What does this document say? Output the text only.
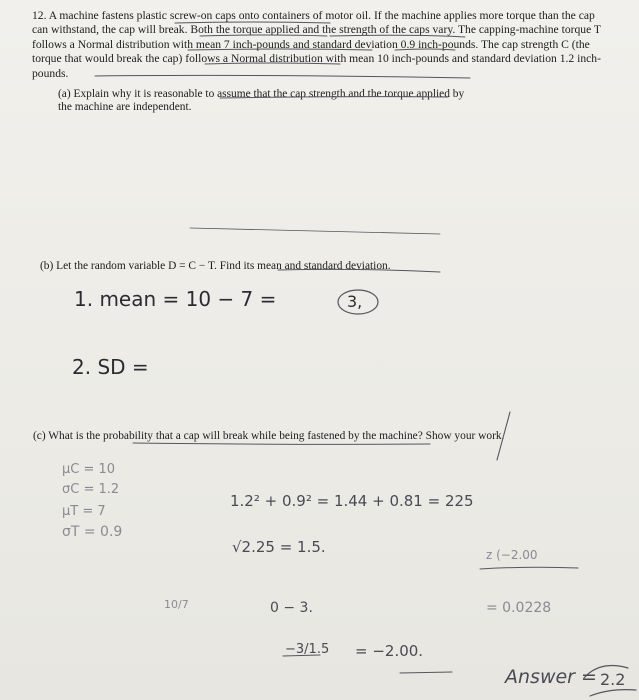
12. A machine fastens plastic screw-on caps onto containers of motor oil. If the machine applies more torque than the cap can withstand, the cap will break. Both the torque applied and the strength of the caps vary. The capping-machine torque T follows a Normal distribution with mean 7 inch-pounds and standard deviation 0.9 inch-pounds. The cap strength C (the torque that would break the cap) follows a Normal distribution with mean 10 inch-pounds and standard deviation 1.2 inch-pounds.
(a) Explain why it is reasonable to assume that the cap strength and the torque applied by the machine are independent.
(b) Let the random variable D = C − T. Find its mean and standard deviation.
(c) What is the probability that a cap will break while being fastened by the machine? Show your work.
1. mean = 10 − 7 =	3,
2. SD =
μC = 10
σC = 1.2
μT = 7
σT = 0.9
1.2² + 0.9² = 1.44 + 0.81 = 225
√2.25 = 1.5.	z (−2.00
10/7	0 − 3.	= 0.0228
−3/1.5 = −2.00.
Answer = 2.2
